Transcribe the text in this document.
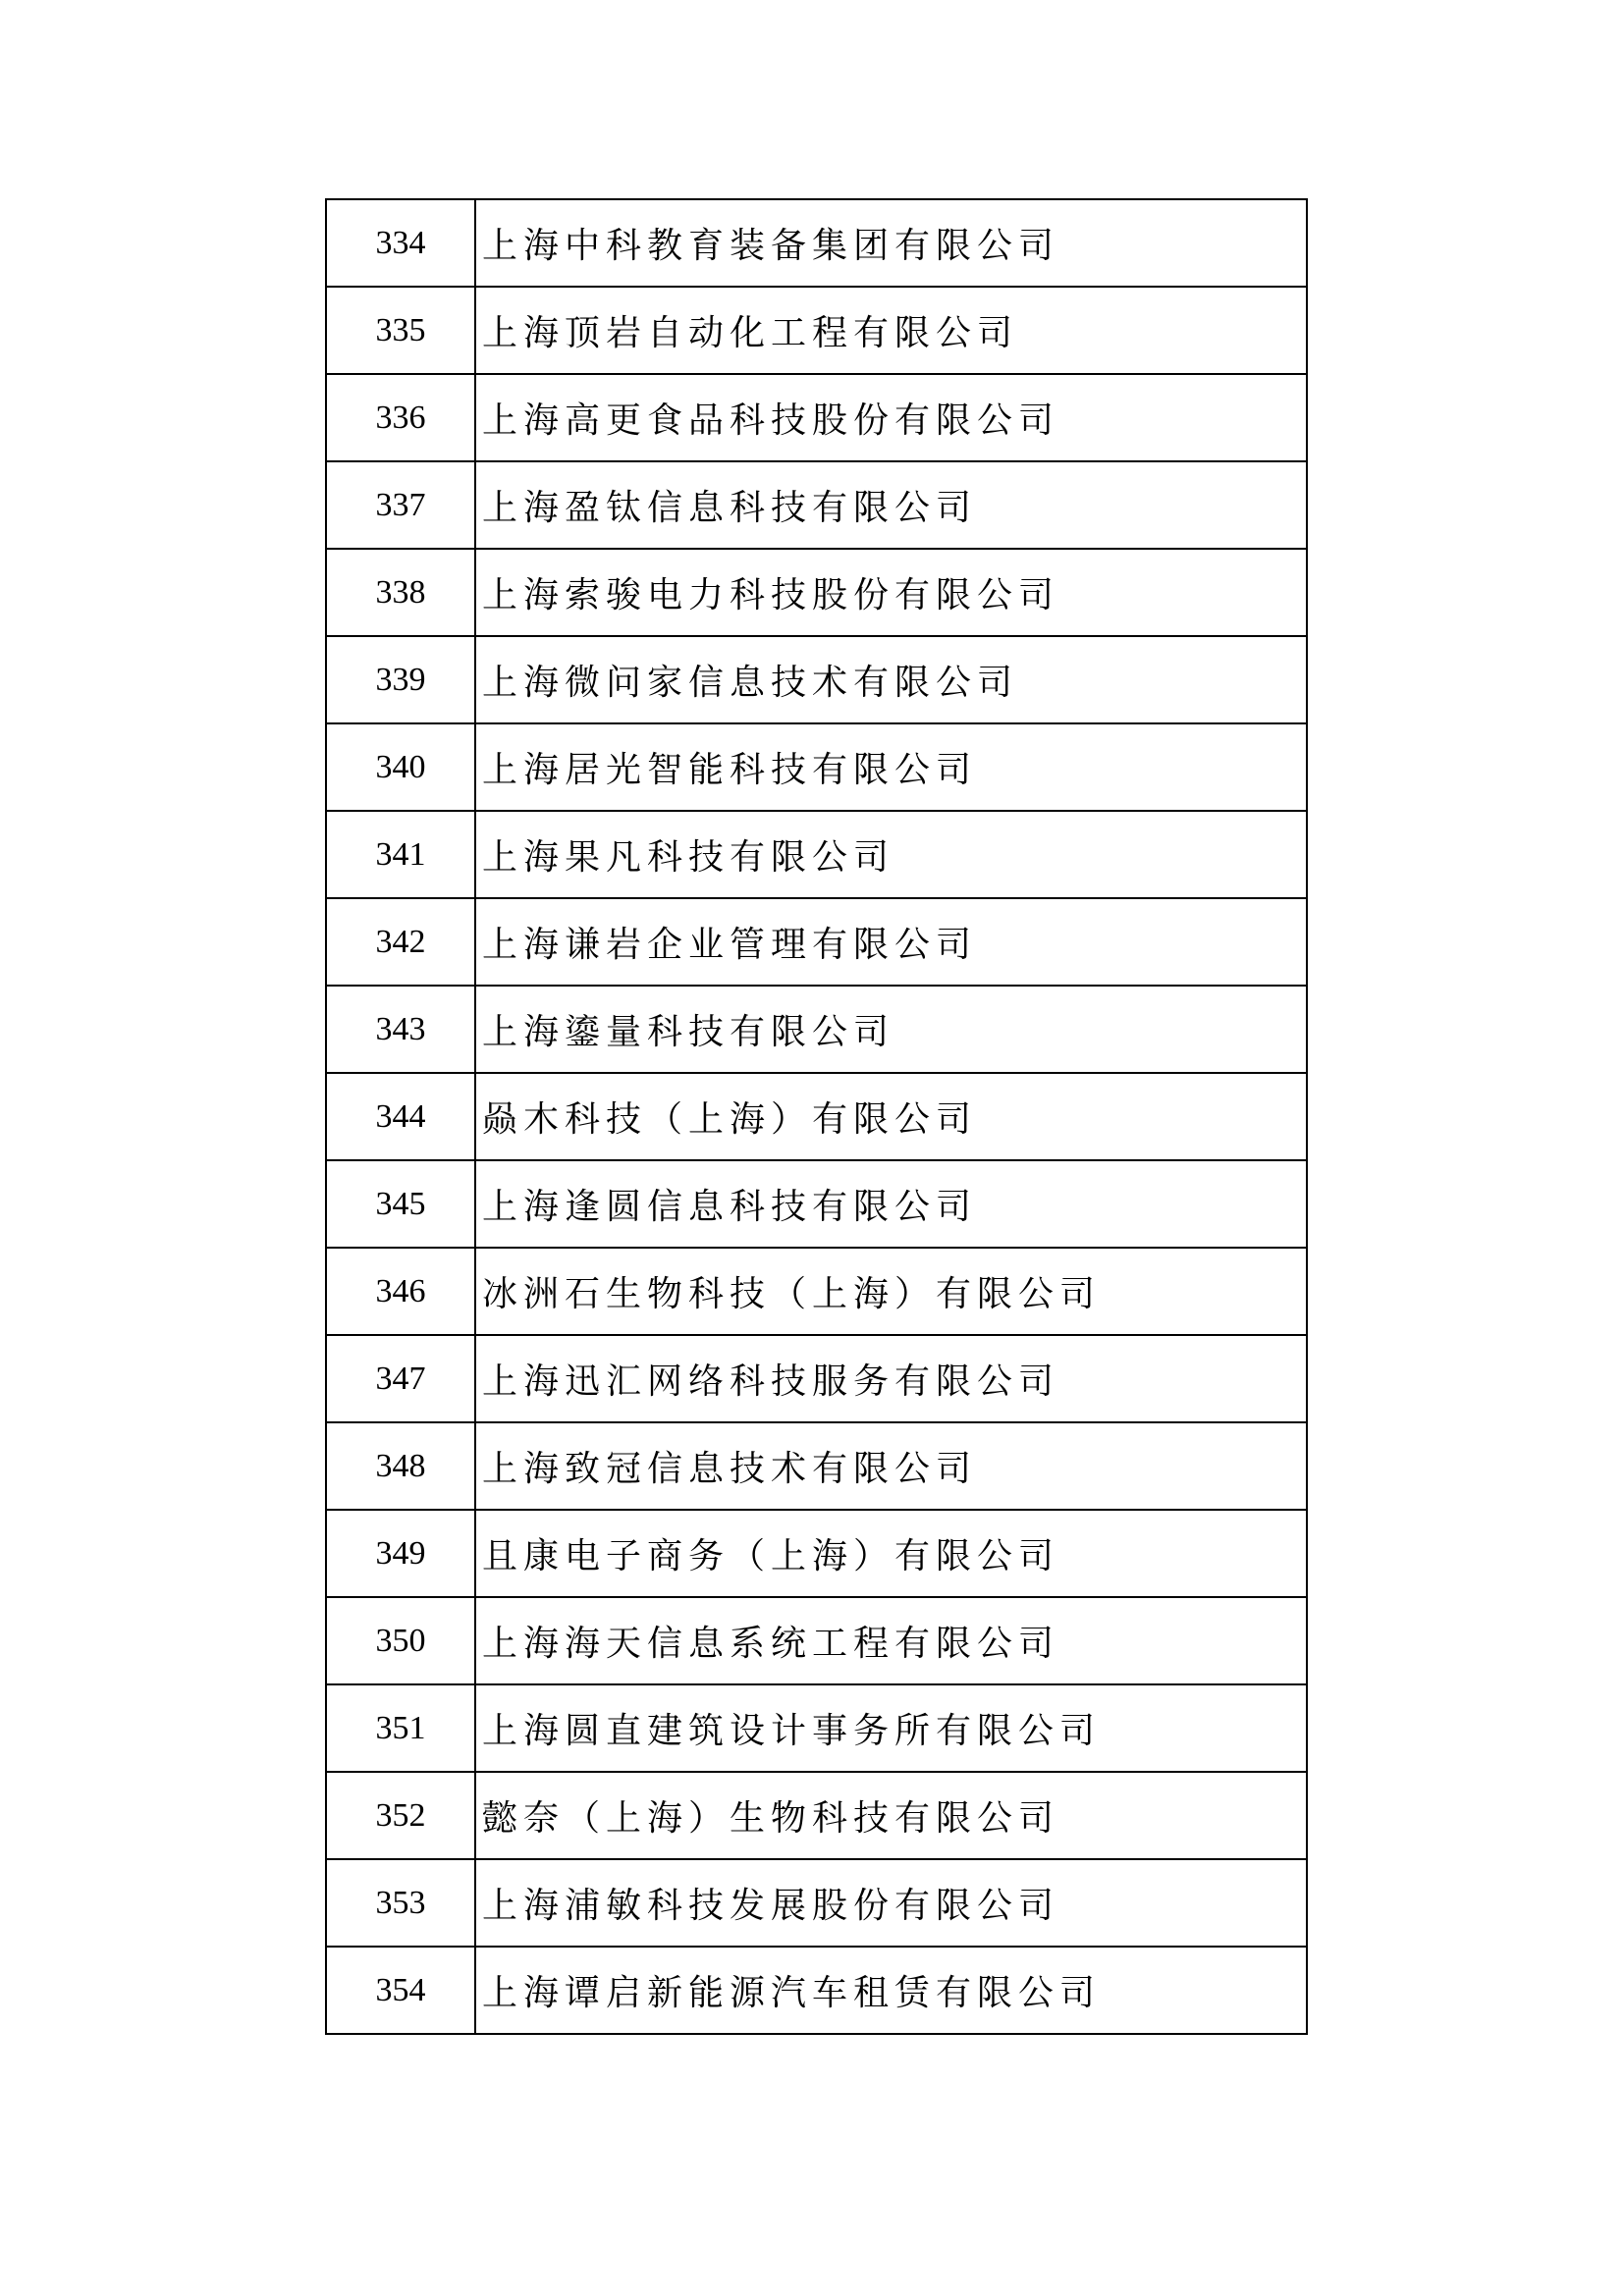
334	上海中科教育装备集团有限公司
335	上海顶岩自动化工程有限公司
336	上海高更食品科技股份有限公司
337	上海盈钛信息科技有限公司
338	上海索骏电力科技股份有限公司
339	上海微问家信息技术有限公司
340	上海居光智能科技有限公司
341	上海果凡科技有限公司
342	上海谦岩企业管理有限公司
343	上海鎏量科技有限公司
344	赑木科技（上海）有限公司
345	上海逢圆信息科技有限公司
346	冰洲石生物科技（上海）有限公司
347	上海迅汇网络科技服务有限公司
348	上海致冠信息技术有限公司
349	且康电子商务（上海）有限公司
350	上海海天信息系统工程有限公司
351	上海圆直建筑设计事务所有限公司
352	懿奈（上海）生物科技有限公司
353	上海浦敏科技发展股份有限公司
354	上海谭启新能源汽车租赁有限公司
